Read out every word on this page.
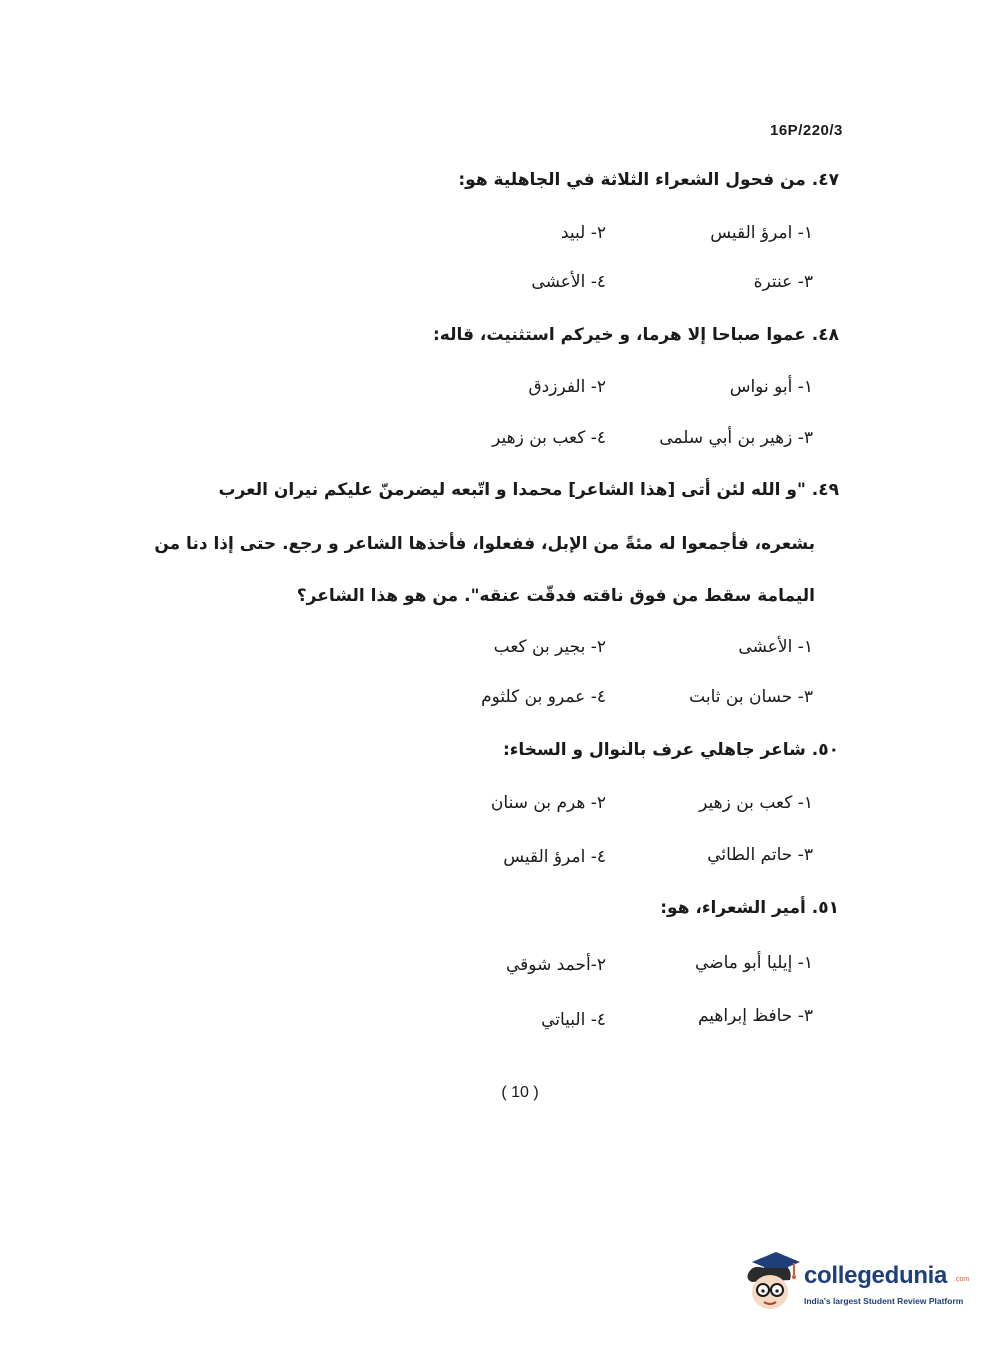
16P/220/3
٤٧. من فحول الشعراء الثلاثة في الجاهلية هو:
١- امرؤ القيس
٢- لبيد
٣- عنترة
٤- الأعشى
٤٨. عموا صباحا إلا هرما، و خيركم استثنيت، قاله:
١- أبو نواس
٢- الفرزدق
٣- زهير بن أبي سلمى
٤- كعب بن زهير
٤٩. "و الله لئن أتى [هذا الشاعر] محمدا و اتّبعه ليضرمنّ عليكم نيران العرب
بشعره، فأجمعوا له مئةً من الإبل، ففعلوا، فأخذها الشاعر و رجع. حتى إذا دنا من
اليمامة سقط من فوق ناقته فدقّت عنقه". من هو هذا الشاعر؟
١- الأعشى
٢- بجير بن كعب
٣- حسان بن ثابت
٤- عمرو بن كلثوم
٥٠. شاعر جاهلي عرف بالنوال و السخاء:
١- كعب بن زهير
٢- هرم بن سنان
٣- حاتم الطائي
٤- امرؤ القيس
٥١. أمير الشعراء، هو:
١- إيليا أبو ماضي
٢-أحمد شوقي
٣- حافظ إبراهيم
٤- البياتي
( 10 )
collegedunia .com
India's largest Student Review Platform
